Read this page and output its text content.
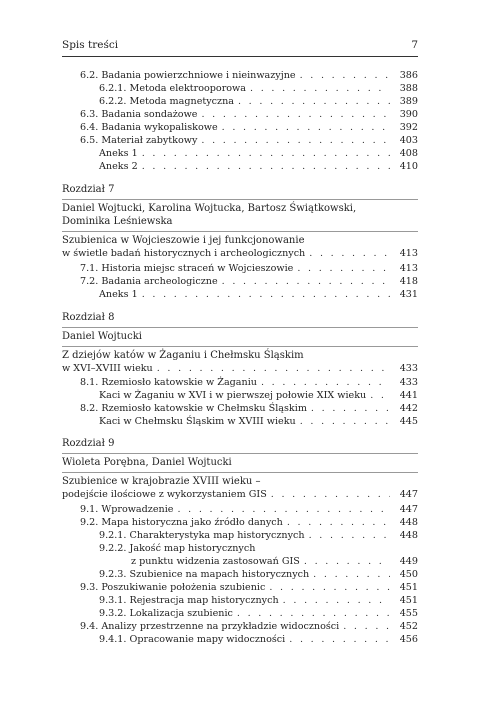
Spis treści	7
6.2. Badania powierzchniowe i nieinwazyjne . . .	386
6.2.1. Metoda elektrooporowa . . .	388
6.2.2. Metoda magnetyczna . . .	389
6.3. Badania sondażowe . . .	390
6.4. Badania wykopaliskowe . . .	392
6.5. Materiał zabytkowy . . .	403
Aneks 1 . . .	408
Aneks 2 . . .	410
Rozdział 7
Daniel Wojtucki, Karolina Wojtucka, Bartosz Świątkowski,
Dominika Leśniewska
Szubienica w Wojcieszowie i jej funkcjonowanie
w świetle badań historycznych i archeologicznych . . .	413
7.1. Historia miejsc straceń w Wojcieszowie . . .	413
7.2. Badania archeologiczne . . .	418
Aneks 1 . . .	431
Rozdział 8
Daniel Wojtucki
Z dziejów katów w Żaganiu i Chełmsku Śląskim
w XVI–XVIII wieku . . .	433
8.1. Rzemiosło katowskie w Żaganiu . . .	433
Kaci w Żaganiu w XVI i w pierwszej połowie XIX wieku . . .	441
8.2. Rzemiosło katowskie w Chełmsku Śląskim . . .	442
Kaci w Chełmsku Śląskim w XVIII wieku . . .	445
Rozdział 9
Wioleta Porębna, Daniel Wojtucki
Szubienice w krajobrazie XVIII wieku –
podejście ilościowe z wykorzystaniem GIS . . .	447
9.1. Wprowadzenie . . .	447
9.2. Mapa historyczna jako źródło danych . . .	448
9.2.1. Charakterystyka map historycznych . . .	448
9.2.2. Jakość map historycznych
z punktu widzenia zastosowań GIS . . .	449
9.2.3. Szubienice na mapach historycznych . . .	450
9.3. Poszukiwanie położenia szubienic . . .	451
9.3.1. Rejestracja map historycznych . . .	451
9.3.2. Lokalizacja szubienic . . .	455
9.4. Analizy przestrzenne na przykładzie widoczności . . .	452
9.4.1. Opracowanie mapy widoczności . . .	456
